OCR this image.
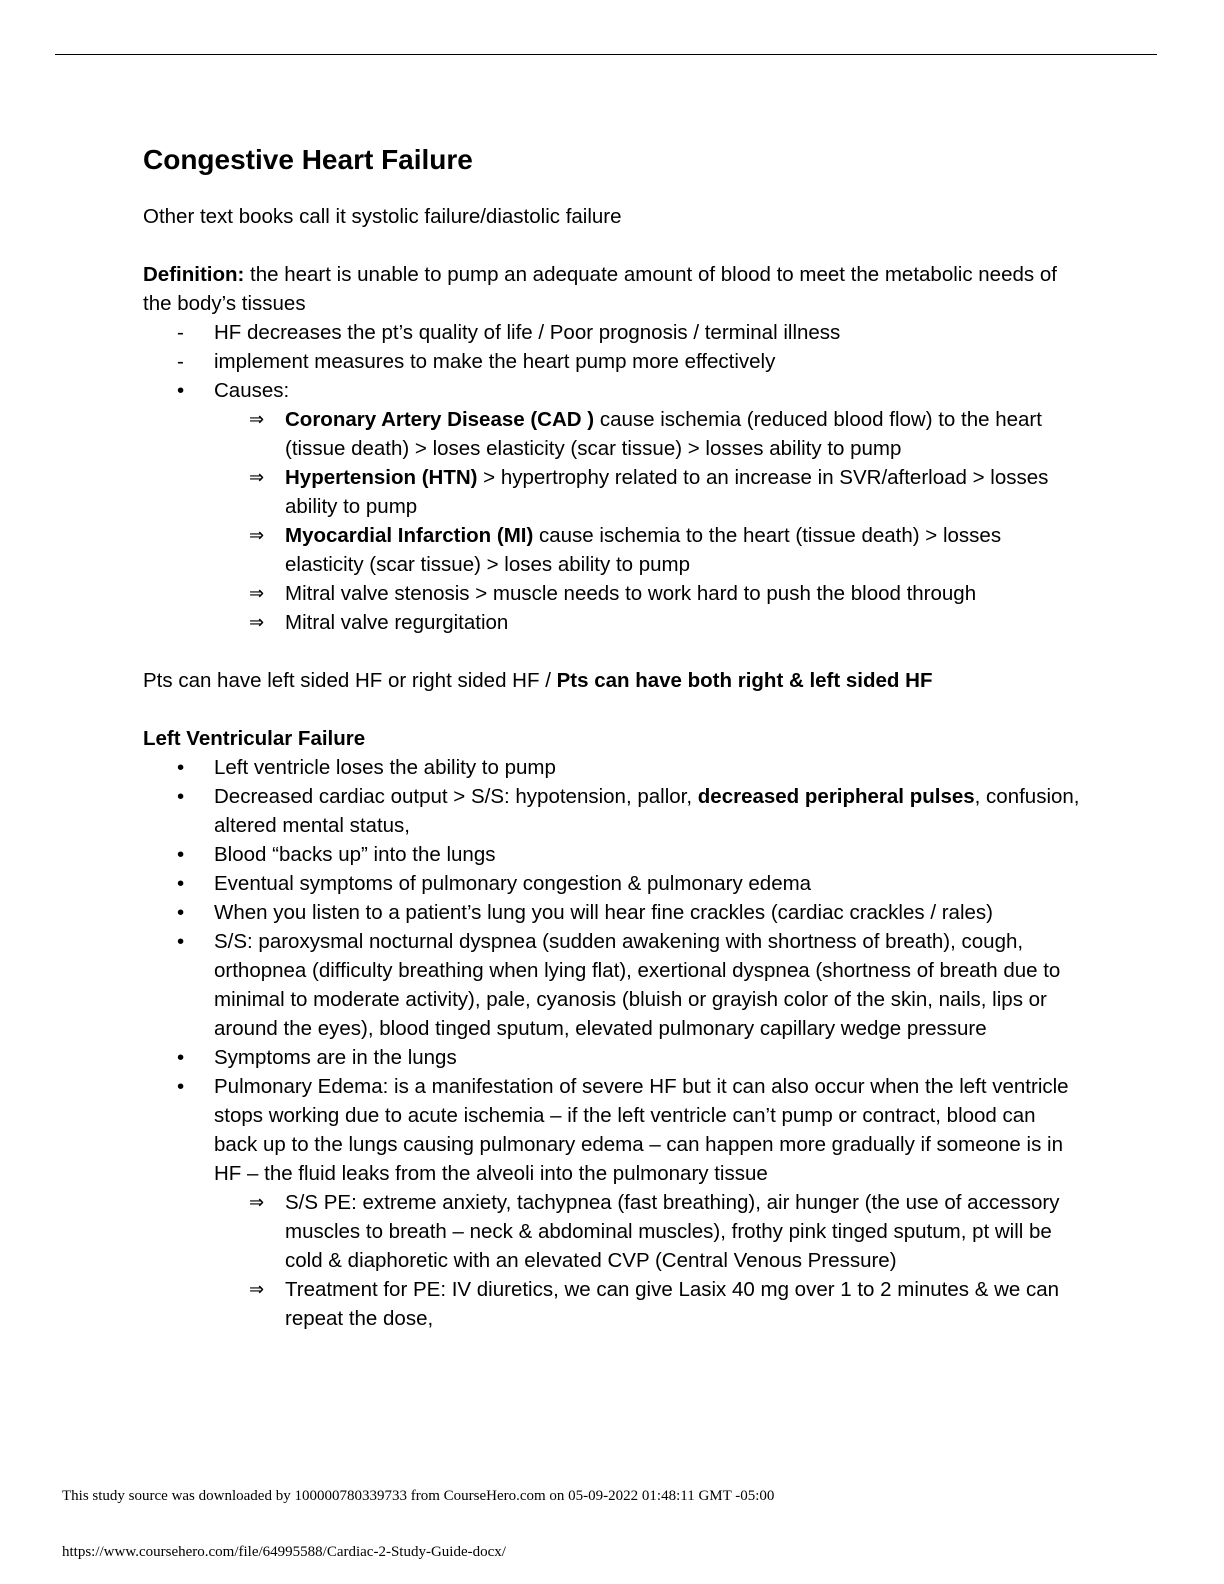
Congestive Heart Failure

Other text books call it systolic failure/diastolic failure

Definition: the heart is unable to pump an adequate amount of blood to meet the metabolic needs of the body’s tissues

-	HF decreases the pt’s quality of life / Poor prognosis / terminal illness
-	implement measures to make the heart pump more effectively
•	Causes:
⇒	Coronary Artery Disease (CAD ) cause ischemia (reduced blood flow) to the heart (tissue death) > loses elasticity (scar tissue) > losses ability to pump
⇒	Hypertension (HTN) > hypertrophy related to an increase in SVR/afterload > losses ability to pump
⇒	Myocardial Infarction (MI) cause ischemia to the heart (tissue death) > losses elasticity (scar tissue) > loses ability to pump
⇒	Mitral valve stenosis > muscle needs to work hard to push the blood through
⇒	Mitral valve regurgitation

Pts can have left sided HF or right sided HF / Pts can have both right & left sided HF

Left Ventricular Failure

•	Left ventricle loses the ability to pump
•	Decreased cardiac output > S/S: hypotension, pallor, decreased peripheral pulses, confusion, altered mental status,
•	Blood “backs up” into the lungs
•	Eventual symptoms of pulmonary congestion & pulmonary edema
•	When you listen to a patient’s lung you will hear fine crackles (cardiac crackles / rales)
•	S/S: paroxysmal nocturnal dyspnea (sudden awakening with shortness of breath), cough, orthopnea (difficulty breathing when lying flat), exertional dyspnea (shortness of breath due to minimal to moderate activity), pale, cyanosis (bluish or grayish color of the skin, nails, lips or around the eyes), blood tinged sputum, elevated pulmonary capillary wedge pressure
•	Symptoms are in the lungs
•	Pulmonary Edema: is a manifestation of severe HF but it can also occur when the left ventricle stops working due to acute ischemia – if the left ventricle can’t pump or contract, blood can back up to the lungs causing pulmonary edema – can happen more gradually if someone is in HF – the fluid leaks from the alveoli into the pulmonary tissue
⇒	S/S PE: extreme anxiety, tachypnea (fast breathing), air hunger (the use of accessory muscles to breath – neck & abdominal muscles), frothy pink tinged sputum, pt will be cold & diaphoretic with an elevated CVP (Central Venous Pressure)
⇒	Treatment for PE: IV diuretics, we can give Lasix 40 mg over 1 to 2 minutes & we can repeat the dose,
This study source was downloaded by 100000780339733 from CourseHero.com on 05-09-2022 01:48:11 GMT -05:00
https://www.coursehero.com/file/64995588/Cardiac-2-Study-Guide-docx/
